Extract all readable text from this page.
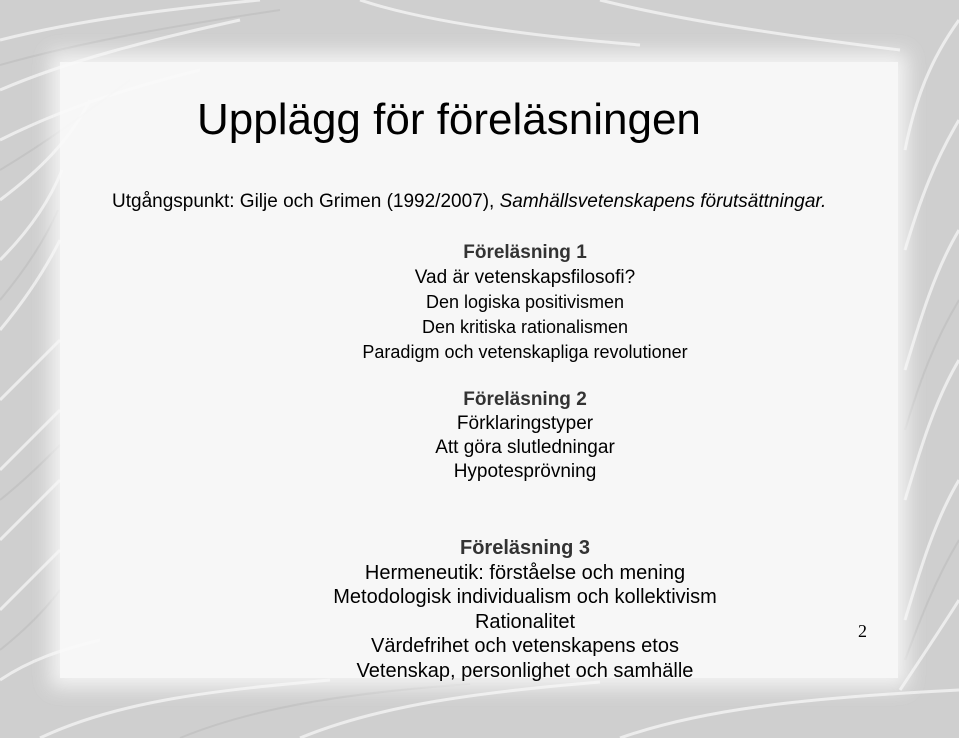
Upplägg för föreläsningen
Utgångspunkt: Gilje och Grimen (1992/2007), Samhällsvetenskapens förutsättningar.
Föreläsning 1
Vad är vetenskapsfilosofi?
Den logiska positivismen
Den kritiska rationalismen
Paradigm och vetenskapliga revolutioner
Föreläsning 2
Förklaringstyper
Att göra slutledningar
Hypotesprövning
Föreläsning 3
Hermeneutik: förståelse och mening
Metodologisk individualism och kollektivism
Rationalitet
Värdefrihet och vetenskapens etos
Vetenskap, personlighet och samhälle
2
